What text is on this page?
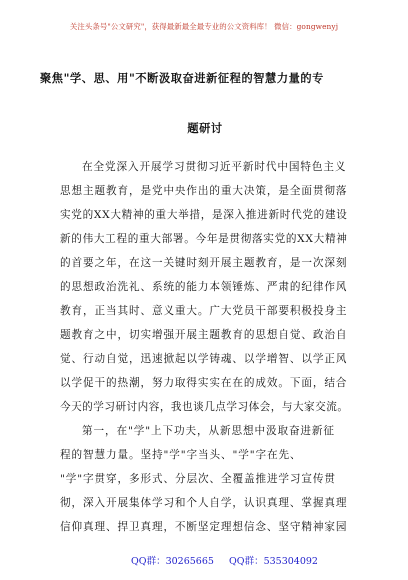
关注头条号"公文研究"，获得最新最全最专业的公文资料库！ 微信：gongwenyj
聚焦"学、思、用"不断汲取奋进新征程的智慧力量的专
题研讨
在全党深入开展学习贯彻习近平新时代中国特色主义
思想主题教育，是党中央作出的重大决策，是全面贯彻落
实党的XX大精神的重大举措，是深入推进新时代党的建设
新的伟大工程的重大部署。今年是贯彻落实党的XX大精神
的首要之年，在这一关键时刻开展主题教育，是一次深刻
的思想政治洗礼、系统的能力本领锤炼、严肃的纪律作风
教育，正当其时、意义重大。广大党员干部要积极投身主
题教育之中，切实增强开展主题教育的思想自觉、政治自
觉、行动自觉，迅速掀起以学铸魂、以学增智、以学正风
以学促干的热潮，努力取得实实在在的成效。下面，结合
今天的学习研讨内容，我也谈几点学习体会，与大家交流。
第一，在"学"上下功夫，从新思想中汲取奋进新征
程的智慧力量。坚持"学"字当头、"学"字在先、
"学"字贯穿，多形式、分层次、全覆盖推进学习宣传贯
彻，深入开展集体学习和个人自学，认识真理、掌握真理
信仰真理、捍卫真理，不断坚定理想信念、坚守精神家园
QQ群：30265665 QQ群：535304092
